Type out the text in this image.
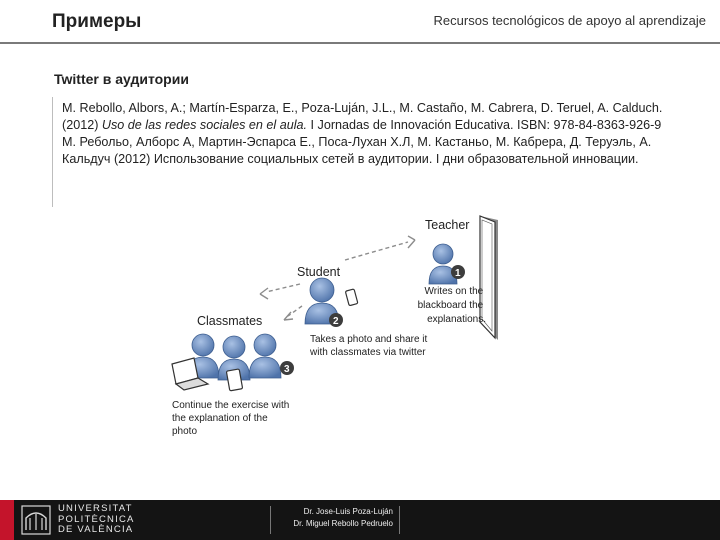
Примеры	Recursos tecnológicos de apoyo al aprendizaje
Twitter в аудитории

M. Rebollo, Albors, A.; Martín-Esparza, E., Poza-Luján, J.L., M. Castaño, M. Cabrera, D. Teruel, A. Calduch. (2012) Uso de las redes sociales en el aula. I Jornadas de Innovación Educativa. ISBN: 978-84-8363-926-9

М. Ребольо, Алборс А, Мартин-Эспарса Е., Поса-Лухан Х.Л, М. Кастаньо, М. Кабрера, Д. Теруэль, А. Кальдуч (2012) Использование социальных сетей в аудитории. I дни образовательной инновации.

Teacher
1
Writes on the blackboard the explanations.
Student
2
Takes a photo and share it with classmates via twitter
Classmates
3
Continue the exercise with the explanation of the photo
UNIVERSITAT
POLITÈCNICA
DE VALÈNCIA
Dr. Jose-Luis Poza-Luján
Dr. Miguel Rebollo Pedruelo
